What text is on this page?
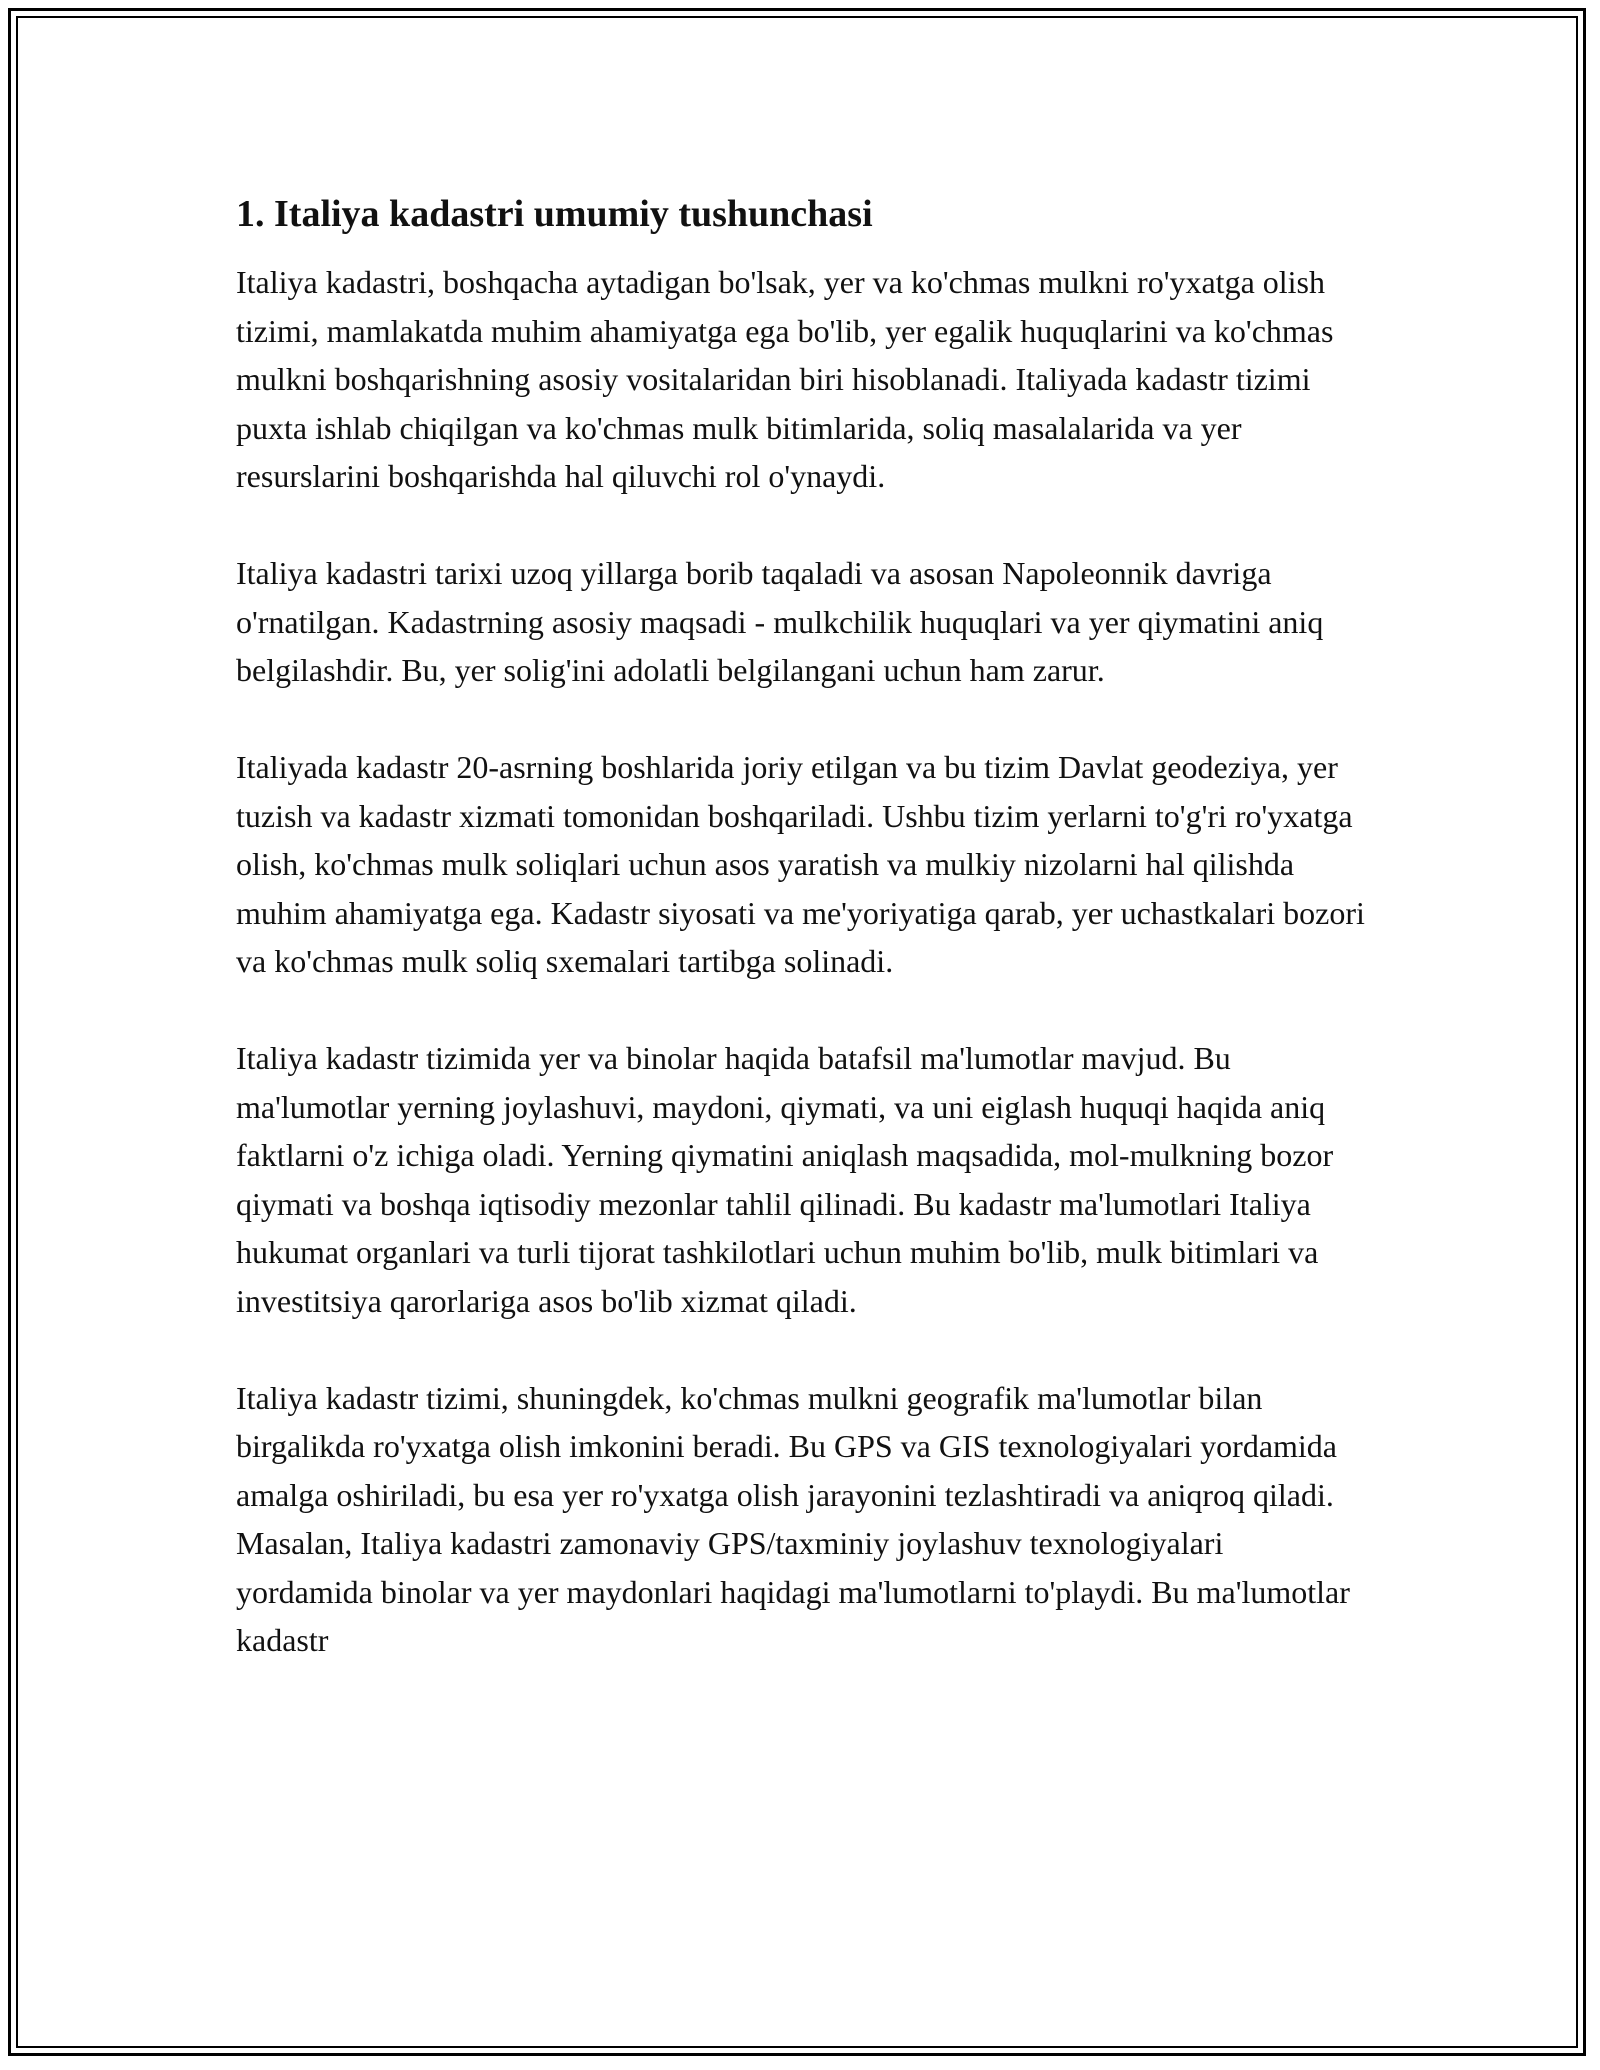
1. Italiya kadastri umumiy tushunchasi

Italiya kadastri, boshqacha aytadigan bo'lsak, yer va ko'chmas mulkni ro'yxatga olish tizimi, mamlakatda muhim ahamiyatga ega bo'lib, yer egalik huquqlarini va ko'chmas mulkni boshqarishning asosiy vositalaridan biri hisoblanadi. Italiyada kadastr tizimi puxta ishlab chiqilgan va ko'chmas mulk bitimlarida, soliq masalalarida va yer resurslarini boshqarishda hal qiluvchi rol o'ynaydi.

Italiya kadastri tarixi uzoq yillarga borib taqaladi va asosan Napoleonnik davriga o'rnatilgan. Kadastrning asosiy maqsadi - mulkchilik huquqlari va yer qiymatini aniq belgilashdir. Bu, yer solig'ini adolatli belgilangani uchun ham zarur.

Italiyada kadastr 20-asrning boshlarida joriy etilgan va bu tizim Davlat geodeziya, yer tuzish va kadastr xizmati tomonidan boshqariladi. Ushbu tizim yerlarni to'g'ri ro'yxatga olish, ko'chmas mulk soliqlari uchun asos yaratish va mulkiy nizolarni hal qilishda muhim ahamiyatga ega. Kadastr siyosati va me'yoriyatiga qarab, yer uchastkalari bozori va ko'chmas mulk soliq sxemalari tartibga solinadi.

Italiya kadastr tizimida yer va binolar haqida batafsil ma'lumotlar mavjud. Bu ma'lumotlar yerning joylashuvi, maydoni, qiymati, va uni eiglash huquqi haqida aniq faktlarni o'z ichiga oladi. Yerning qiymatini aniqlash maqsadida, mol-mulkning bozor qiymati va boshqa iqtisodiy mezonlar tahlil qilinadi. Bu kadastr ma'lumotlari Italiya hukumat organlari va turli tijorat tashkilotlari uchun muhim bo'lib, mulk bitimlari va investitsiya qarorlariga asos bo'lib xizmat qiladi.

Italiya kadastr tizimi, shuningdek, ko'chmas mulkni geografik ma'lumotlar bilan birgalikda ro'yxatga olish imkonini beradi. Bu GPS va GIS texnologiyalari yordamida amalga oshiriladi, bu esa yer ro'yxatga olish jarayonini tezlashtiradi va aniqroq qiladi. Masalan, Italiya kadastri zamonaviy GPS/taxminiy joylashuv texnologiyalari yordamida binolar va yer maydonlari haqidagi ma'lumotlarni to'playdi. Bu ma'lumotlar kadastr
